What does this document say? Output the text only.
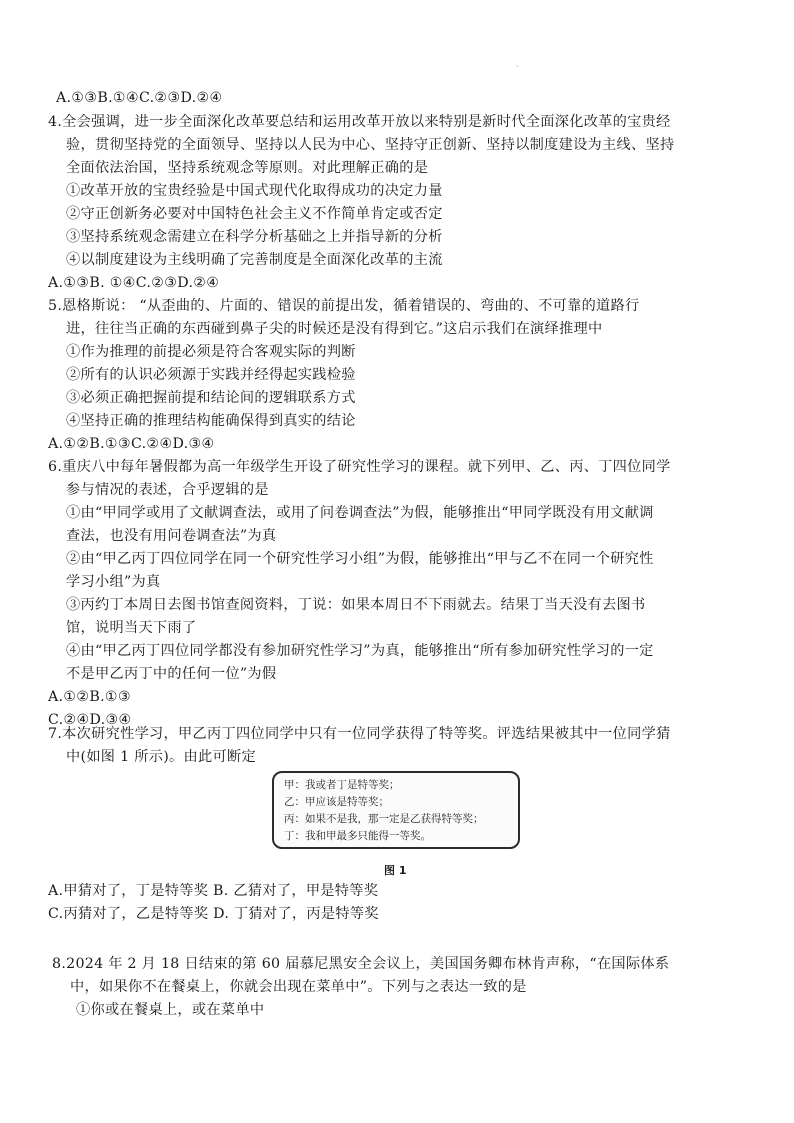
·
A.①③B.①④C.②③D.②④
4.全会强调，进一步全面深化改革要总结和运用改革开放以来特别是新时代全面深化改革的宝贵经
验，贯彻坚持党的全面领导、坚持以人民为中心、坚持守正创新、坚持以制度建设为主线、坚持
全面依法治国，坚持系统观念等原则。对此理解正确的是
①改革开放的宝贵经验是中国式现代化取得成功的决定力量
②守正创新务必要对中国特色社会主义不作简单肯定或否定
③坚持系统观念需建立在科学分析基础之上并指导新的分析
④以制度建设为主线明确了完善制度是全面深化改革的主流
A.①③B. ①④C.②③D.②④
5.恩格斯说： “从歪曲的、片面的、错误的前提出发，循着错误的、弯曲的、不可靠的道路行
进，往往当正确的东西碰到鼻子尖的时候还是没有得到它。”这启示我们在演绎推理中
①作为推理的前提必须是符合客观实际的判断
②所有的认识必须源于实践并经得起实践检验
③必须正确把握前提和结论间的逻辑联系方式
④坚持正确的推理结构能确保得到真实的结论
A.①②B.①③C.②④D.③④
6.重庆八中每年暑假都为高一年级学生开设了研究性学习的课程。就下列甲、乙、丙、丁四位同学
参与情况的表述，合乎逻辑的是
①由“甲同学或用了文献调查法，或用了问卷调查法”为假，能够推出“甲同学既没有用文献调
查法，也没有用问卷调查法”为真
②由“甲乙丙丁四位同学在同一个研究性学习小组”为假，能够推出“甲与乙不在同一个研究性
学习小组”为真
③丙约丁本周日去图书馆查阅资料，丁说：如果本周日不下雨就去。结果丁当天没有去图书
馆，说明当天下雨了
④由“甲乙丙丁四位同学都没有参加研究性学习”为真，能够推出“所有参加研究性学习的一定
不是甲乙丙丁中的任何一位”为假
A.①②B.①③
C.②④D.③④
7.本次研究性学习，甲乙丙丁四位同学中只有一位同学获得了特等奖。评选结果被其中一位同学猜
中(如图 1 所示)。由此可断定
甲：我或者丁是特等奖；
乙：甲应该是特等奖；
丙：如果不是我，那一定是乙获得特等奖；
丁：我和甲最多只能得一等奖。
图 1
A.甲猜对了，丁是特等奖 B. 乙猜对了，甲是特等奖
C.丙猜对了，乙是特等奖 D. 丁猜对了，丙是特等奖
8.2024 年 2 月 18 日结束的第 60 届慕尼黑安全会议上，美国国务卿布林肯声称，“在国际体系
中，如果你不在餐桌上，你就会出现在菜单中”。下列与之表达一致的是
①你或在餐桌上，或在菜单中
